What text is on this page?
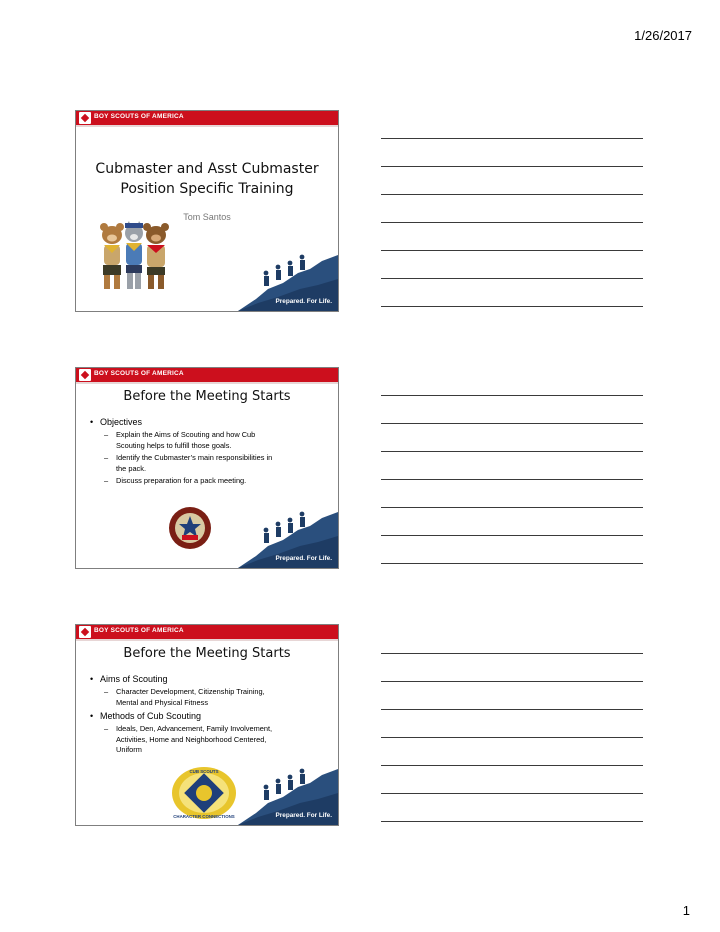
1/26/2017
BOY SCOUTS OF AMERICA
Cubmaster and Asst Cubmaster
Position Specific Training
Tom Santos
Prepared. For Life.
BOY SCOUTS OF AMERICA
Before the Meeting Starts
• Objectives
– Explain the Aims of Scouting and how Cub Scouting helps to fulfill those goals.
– Identify the Cubmaster’s main responsibilities in the pack.
– Discuss preparation for a pack meeting.
Prepared. For Life.
BOY SCOUTS OF AMERICA
Before the Meeting Starts
• Aims of Scouting
– Character Development, Citizenship Training, Mental and Physical Fitness
• Methods of Cub Scouting
– Ideals, Den, Advancement, Family Involvement, Activities, Home and Neighborhood Centered, Uniform
CUB SCOUTS
CHARACTER CONNECTIONS	Prepared. For Life.
1
